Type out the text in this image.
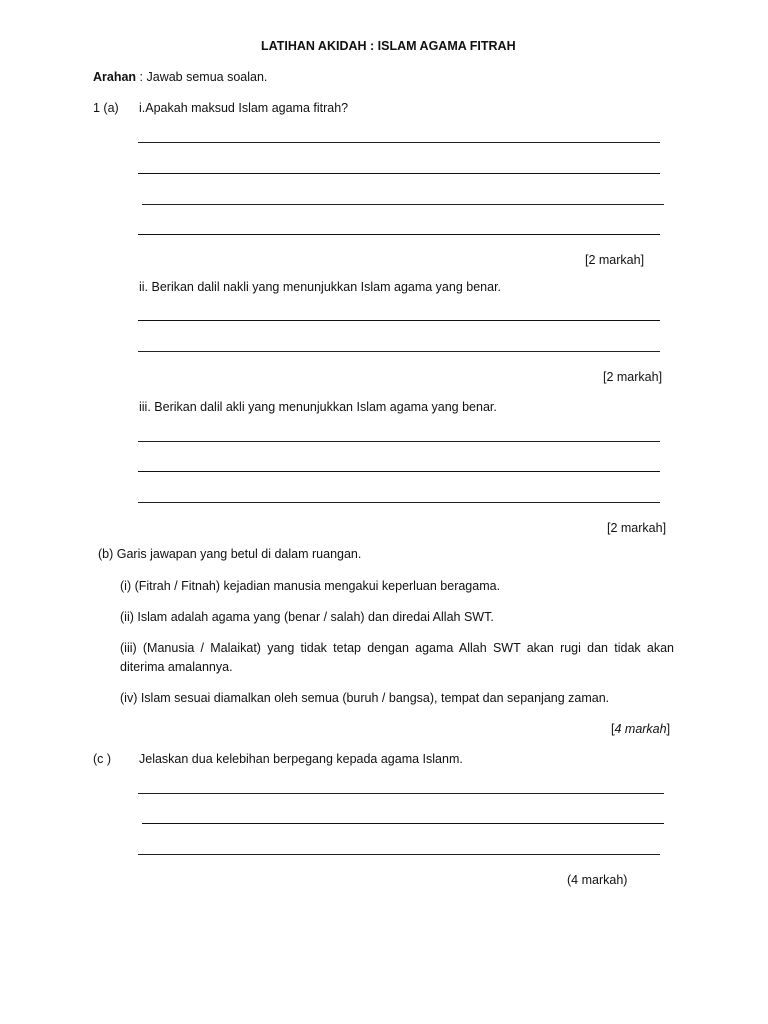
LATIHAN AKIDAH : ISLAM AGAMA FITRAH
Arahan : Jawab semua soalan.
1 (a) i.Apakah maksud Islam agama fitrah?
[2 markah]
ii. Berikan dalil nakli yang menunjukkan Islam agama yang benar.
[2 markah]
iii. Berikan dalil akli yang menunjukkan Islam agama yang benar.
[2 markah]
(b) Garis jawapan yang betul di dalam ruangan.
(i) (Fitrah / Fitnah) kejadian manusia mengakui keperluan beragama.
(ii) Islam adalah agama yang (benar / salah) dan diredai Allah SWT.
(iii) (Manusia / Malaikat) yang tidak tetap dengan agama Allah SWT akan rugi dan tidak akan
diterima amalannya.
(iv) Islam sesuai diamalkan oleh semua (buruh / bangsa), tempat dan sepanjang zaman.
[4 markah]
(c ) Jelaskan dua kelebihan berpegang kepada agama Islanm.
(4 markah)
